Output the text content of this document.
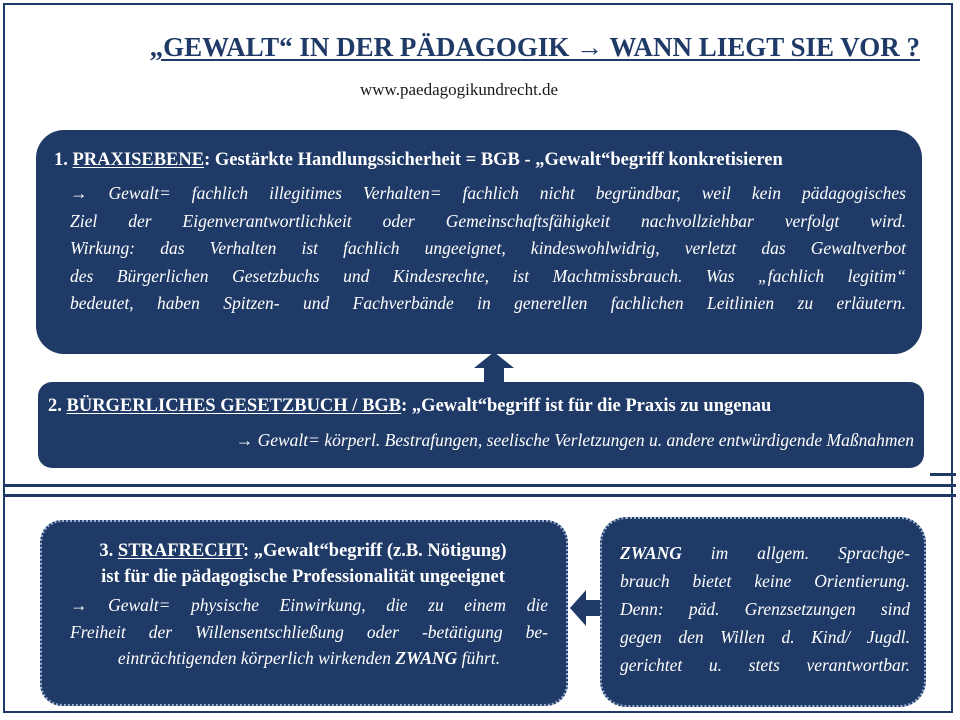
„GEWALT“ IN DER PÄDAGOGIK → WANN LIEGT SIE VOR ?
www.paedagogikundrecht.de
1. PRAXISEBENE: Gestärkte Handlungssicherheit = BGB - „Gewalt“begriff konkretisieren
→ Gewalt= fachlich illegitimes Verhalten= fachlich nicht begründbar, weil kein pädagogisches
Ziel der Eigenverantwortlichkeit oder Gemeinschaftsfähigkeit nachvollziehbar verfolgt wird.
Wirkung: das Verhalten ist fachlich ungeeignet, kindeswohlwidrig, verletzt das Gewaltverbot
des Bürgerlichen Gesetzbuchs und Kindesrechte, ist Machtmissbrauch. Was „fachlich legitim“
bedeutet, haben Spitzen- und Fachverbände in generellen fachlichen Leitlinien zu erläutern.
2. BÜRGERLICHES GESETZBUCH / BGB: „Gewalt“begriff ist für die Praxis zu ungenau
→ Gewalt= körperl. Bestrafungen, seelische Verletzungen u. andere entwürdigende Maßnahmen
3. STRAFRECHT: „Gewalt“begriff (z.B. Nötigung)
ist für die pädagogische Professionalität ungeeignet
→ Gewalt= physische Einwirkung, die zu einem die
Freiheit der Willensentschließung oder -betätigung be-
einträchtigenden körperlich wirkenden ZWANG führt.
ZWANG im allgem. Sprachge-
brauch bietet keine Orientierung.
Denn: päd. Grenzsetzungen sind
gegen den Willen d. Kind/ Jugdl.
gerichtet u. stets verantwortbar.
